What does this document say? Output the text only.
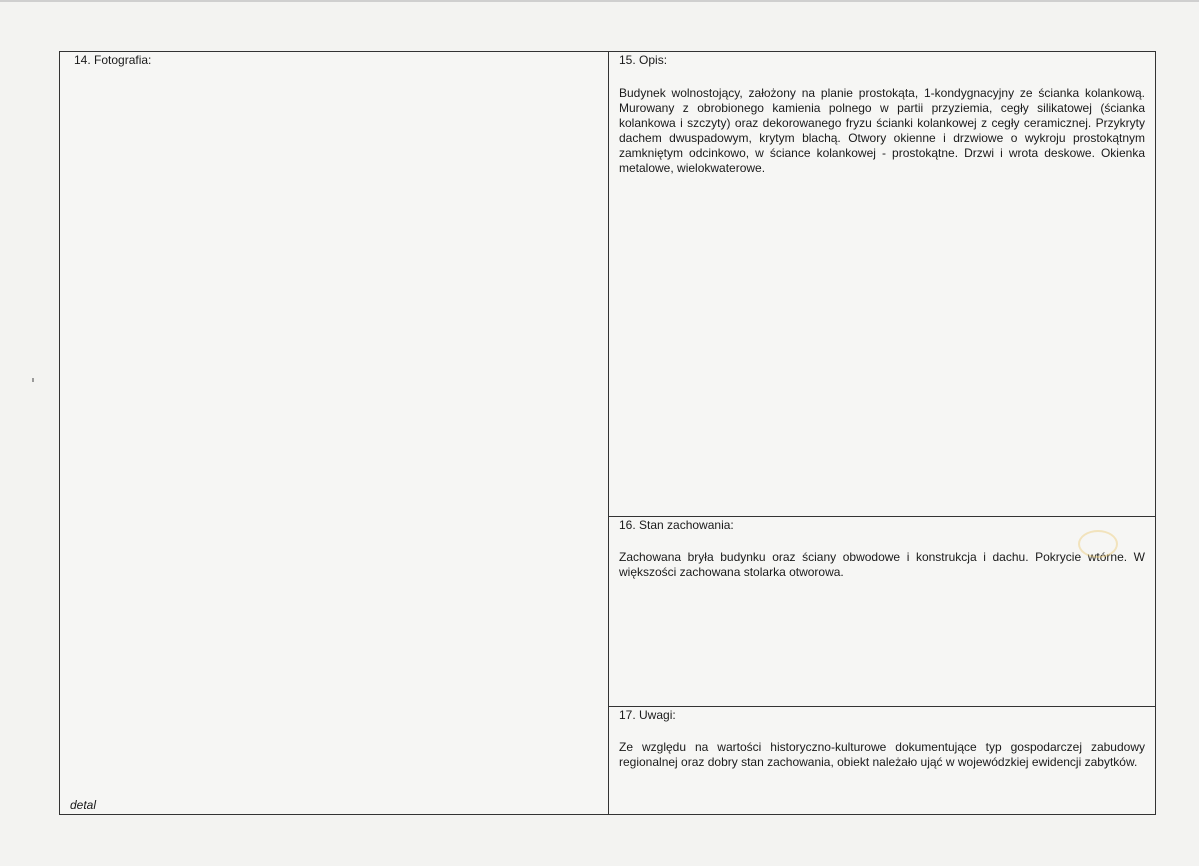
14. Fotografia:
detal
15. Opis:
Budynek wolnostojący, założony na planie prostokąta, 1-kondygnacyjny ze ścianka kolankową. Murowany z obrobionego kamienia polnego w partii przyziemia, cegły silikatowej (ścianka kolankowa i szczyty) oraz dekorowanego fryzu ścianki kolankowej z cegły ceramicznej. Przykryty dachem dwuspadowym, krytym blachą. Otwory okienne i drzwiowe o wykroju prostokątnym zamkniętym odcinkowo, w ściance kolankowej - prostokątne. Drzwi i wrota deskowe. Okienka metalowe, wielokwaterowe.
16. Stan zachowania:
Zachowana bryła budynku oraz ściany obwodowe i konstrukcja i dachu. Pokrycie wtórne. W większości zachowana stolarka otworowa.
17. Uwagi:
Ze względu na wartości historyczno-kulturowe dokumentujące typ gospodarczej zabudowy regionalnej oraz dobry stan zachowania, obiekt należało ująć w wojewódzkiej ewidencji zabytków.
